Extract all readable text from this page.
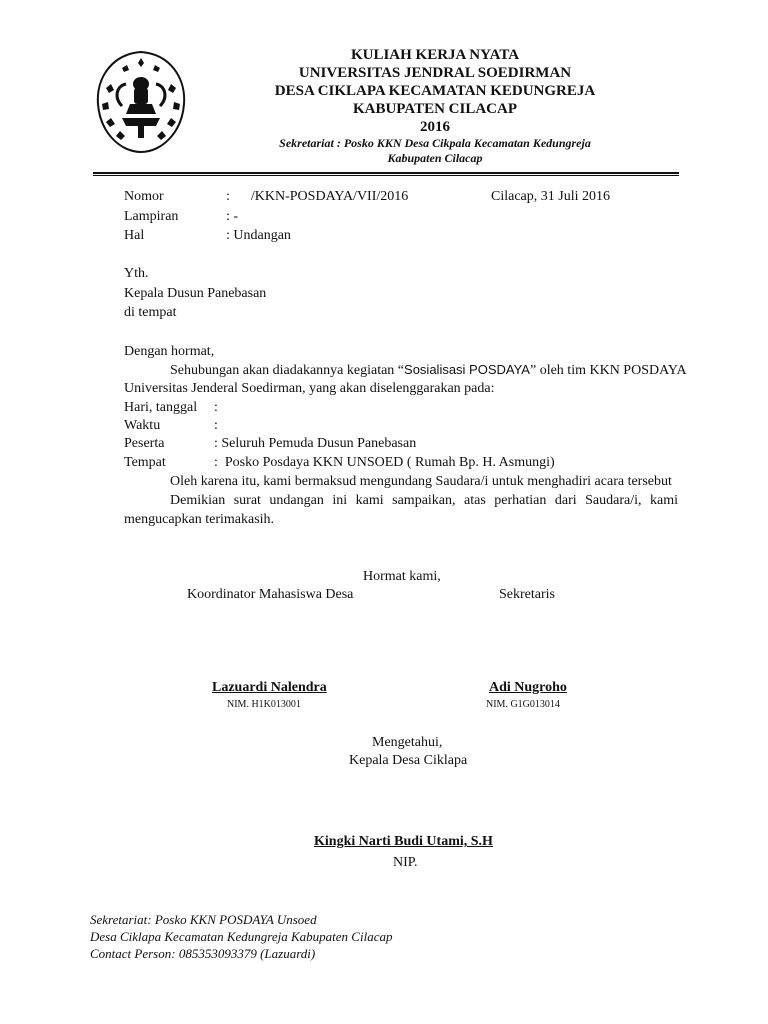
KULIAH KERJA NYATA
UNIVERSITAS JENDRAL SOEDIRMAN
DESA CIKLAPA KECAMATAN KEDUNGREJA
KABUPATEN CILACAP
2016
Sekretariat : Posko KKN Desa Cikpala Kecamatan Kedungreja
Kabupaten Cilacap
Nomor	:      /KKN-POSDAYA/VII/2016	Cilacap, 31 Juli 2016
Lampiran	: -
Hal	: Undangan
Yth.
Kepala Dusun Panebasan
di tempat
Dengan hormat,
Sehubungan akan diadakannya kegiatan “Sosialisasi POSDAYA” oleh tim KKN POSDAYA
Universitas Jenderal Soedirman, yang akan diselenggarakan pada:
Hari, tanggal :
Waktu	:
Peserta	: Seluruh Pemuda Dusun Panebasan
Tempat	:  Posko Posdaya KKN UNSOED ( Rumah Bp. H. Asmungi)
Oleh karena itu, kami bermaksud mengundang Saudara/i untuk menghadiri acara tersebut
Demikian surat undangan ini kami sampaikan, atas perhatian dari Saudara/i, kami mengucapkan terimakasih.
Hormat kami,
Koordinator Mahasiswa Desa	Sekretaris
Lazuardi Nalendra
NIM. H1K013001
Adi Nugroho
NIM. G1G013014
Mengetahui,
Kepala Desa Ciklapa
Kingki Narti Budi Utami, S.H
NIP.
Sekretariat: Posko KKN POSDAYA Unsoed
Desa Ciklapa Kecamatan Kedungreja Kabupaten Cilacap
Contact Person: 085353093379 (Lazuardi)
